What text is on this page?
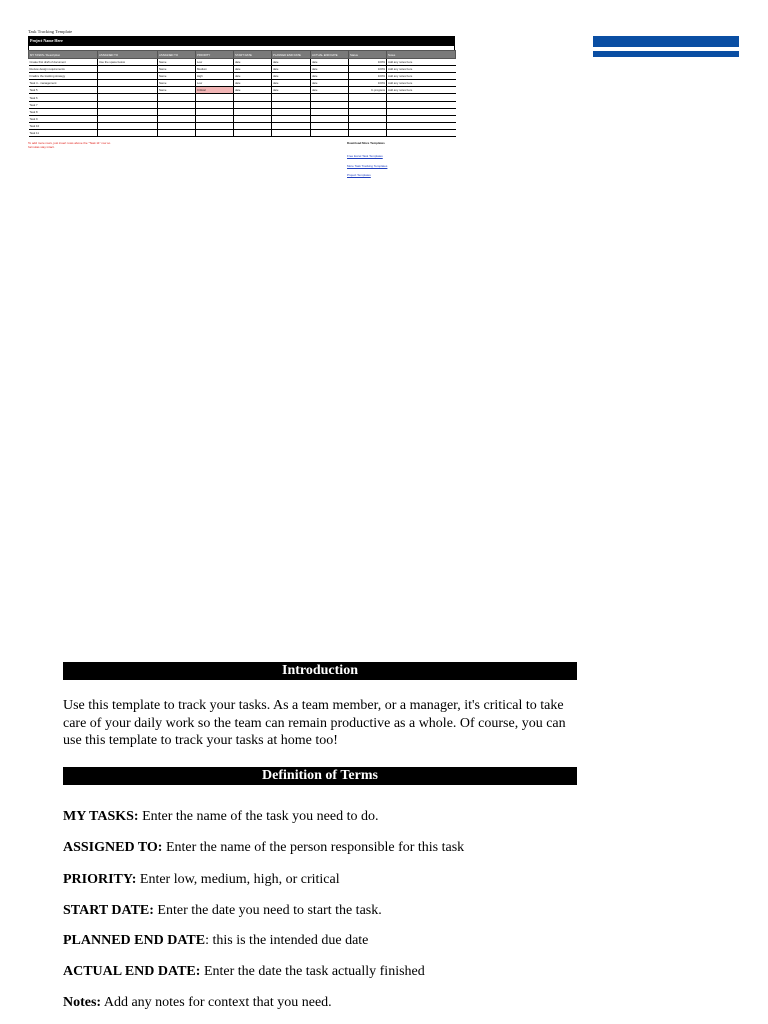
Task Tracking Template
Project Name Here
MY TASKS / Description	ASSIGNED TO	ASSIGNED TO	PRIORITY	START DATE	PLANNED END DATE	ACTUAL END DATE	Status	Notes
Create first draft of document	Use the space below	Name	Low	date	date	date	100%	Add any notes here
Review design requirements		Name	Medium	date	date	date	100%	Add any notes here
Finalize the tracking strategy		Name	High	date	date	date	100%	Add any notes here
Task 4 - management		Name	Low	date	date	date	100%	Add any notes here
Task 5		Name	Critical	date	date	date	In progress	Add any notes here
Task 6								
Task 7								
Task 8								
Task 9								
Task 10								
Task 11								
To add more rows, just insert rows above the "Task 11" row so formulas stay intact.
Download More Templates
Free Excel Task Templates
More Task Tracking Templates
Project Templates
Introduction
Use this template to track your tasks. As a team member, or a manager, it's critical to take care of your daily work so the team can remain productive as a whole. Of course, you can use this template to track your tasks at home too!
Definition of Terms
MY TASKS: Enter the name of the task you need to do.
ASSIGNED TO: Enter the name of the person responsible for this task
PRIORITY: Enter low, medium, high, or critical
START DATE: Enter the date you need to start the task.
PLANNED END DATE: this is the intended due date
ACTUAL END DATE: Enter the date the task actually finished
Notes: Add any notes for context that you need.
